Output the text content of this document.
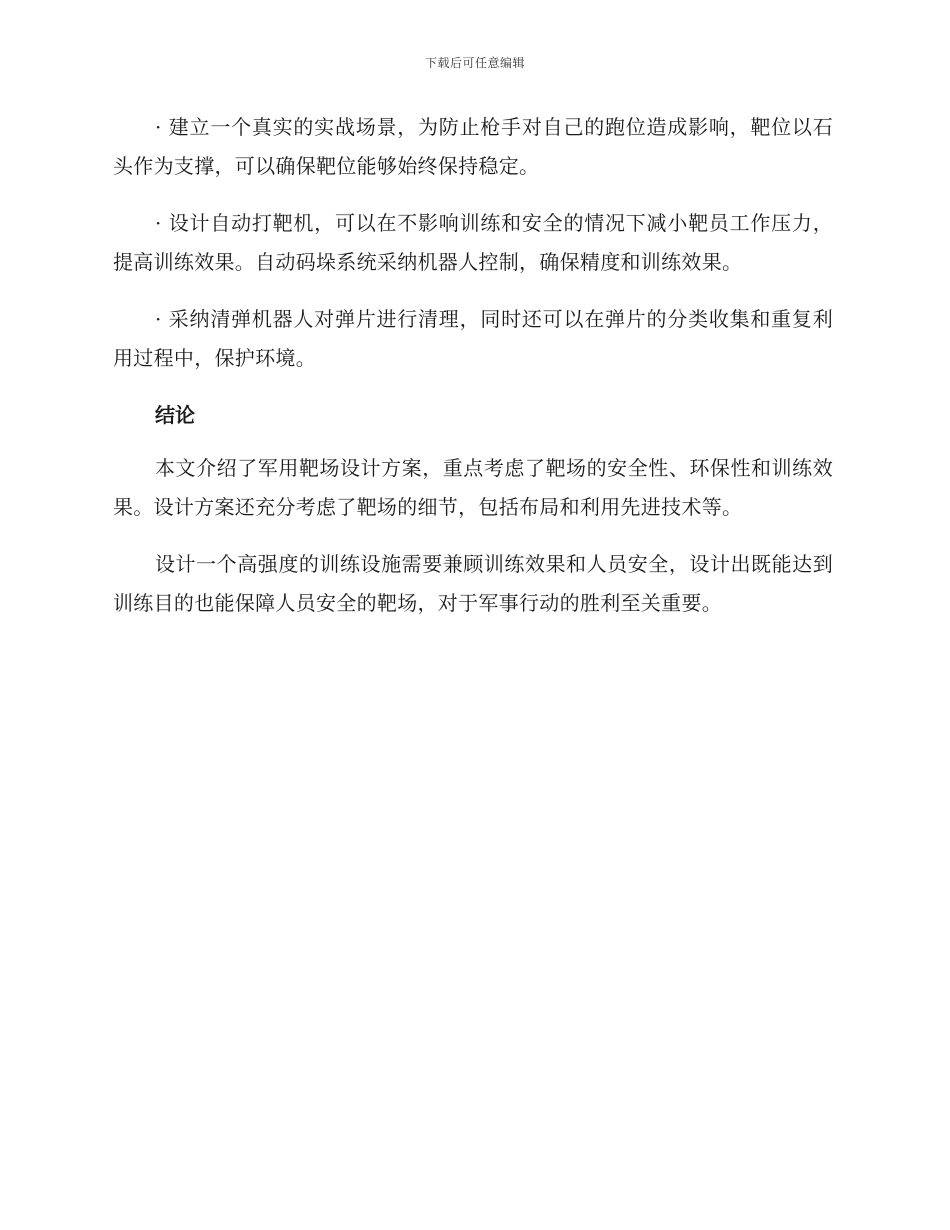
下载后可任意编辑

· 建立一个真实的实战场景，为防止枪手对自己的跑位造成影响，靶位以石头作为支撑，可以确保靶位能够始终保持稳定。

· 设计自动打靶机，可以在不影响训练和安全的情况下减小靶员工作压力，提高训练效果。自动码垛系统采纳机器人控制，确保精度和训练效果。

· 采纳清弹机器人对弹片进行清理，同时还可以在弹片的分类收集和重复利用过程中，保护环境。

结论

本文介绍了军用靶场设计方案，重点考虑了靶场的安全性、环保性和训练效果。设计方案还充分考虑了靶场的细节，包括布局和利用先进技术等。

设计一个高强度的训练设施需要兼顾训练效果和人员安全，设计出既能达到训练目的也能保障人员安全的靶场，对于军事行动的胜利至关重要。
